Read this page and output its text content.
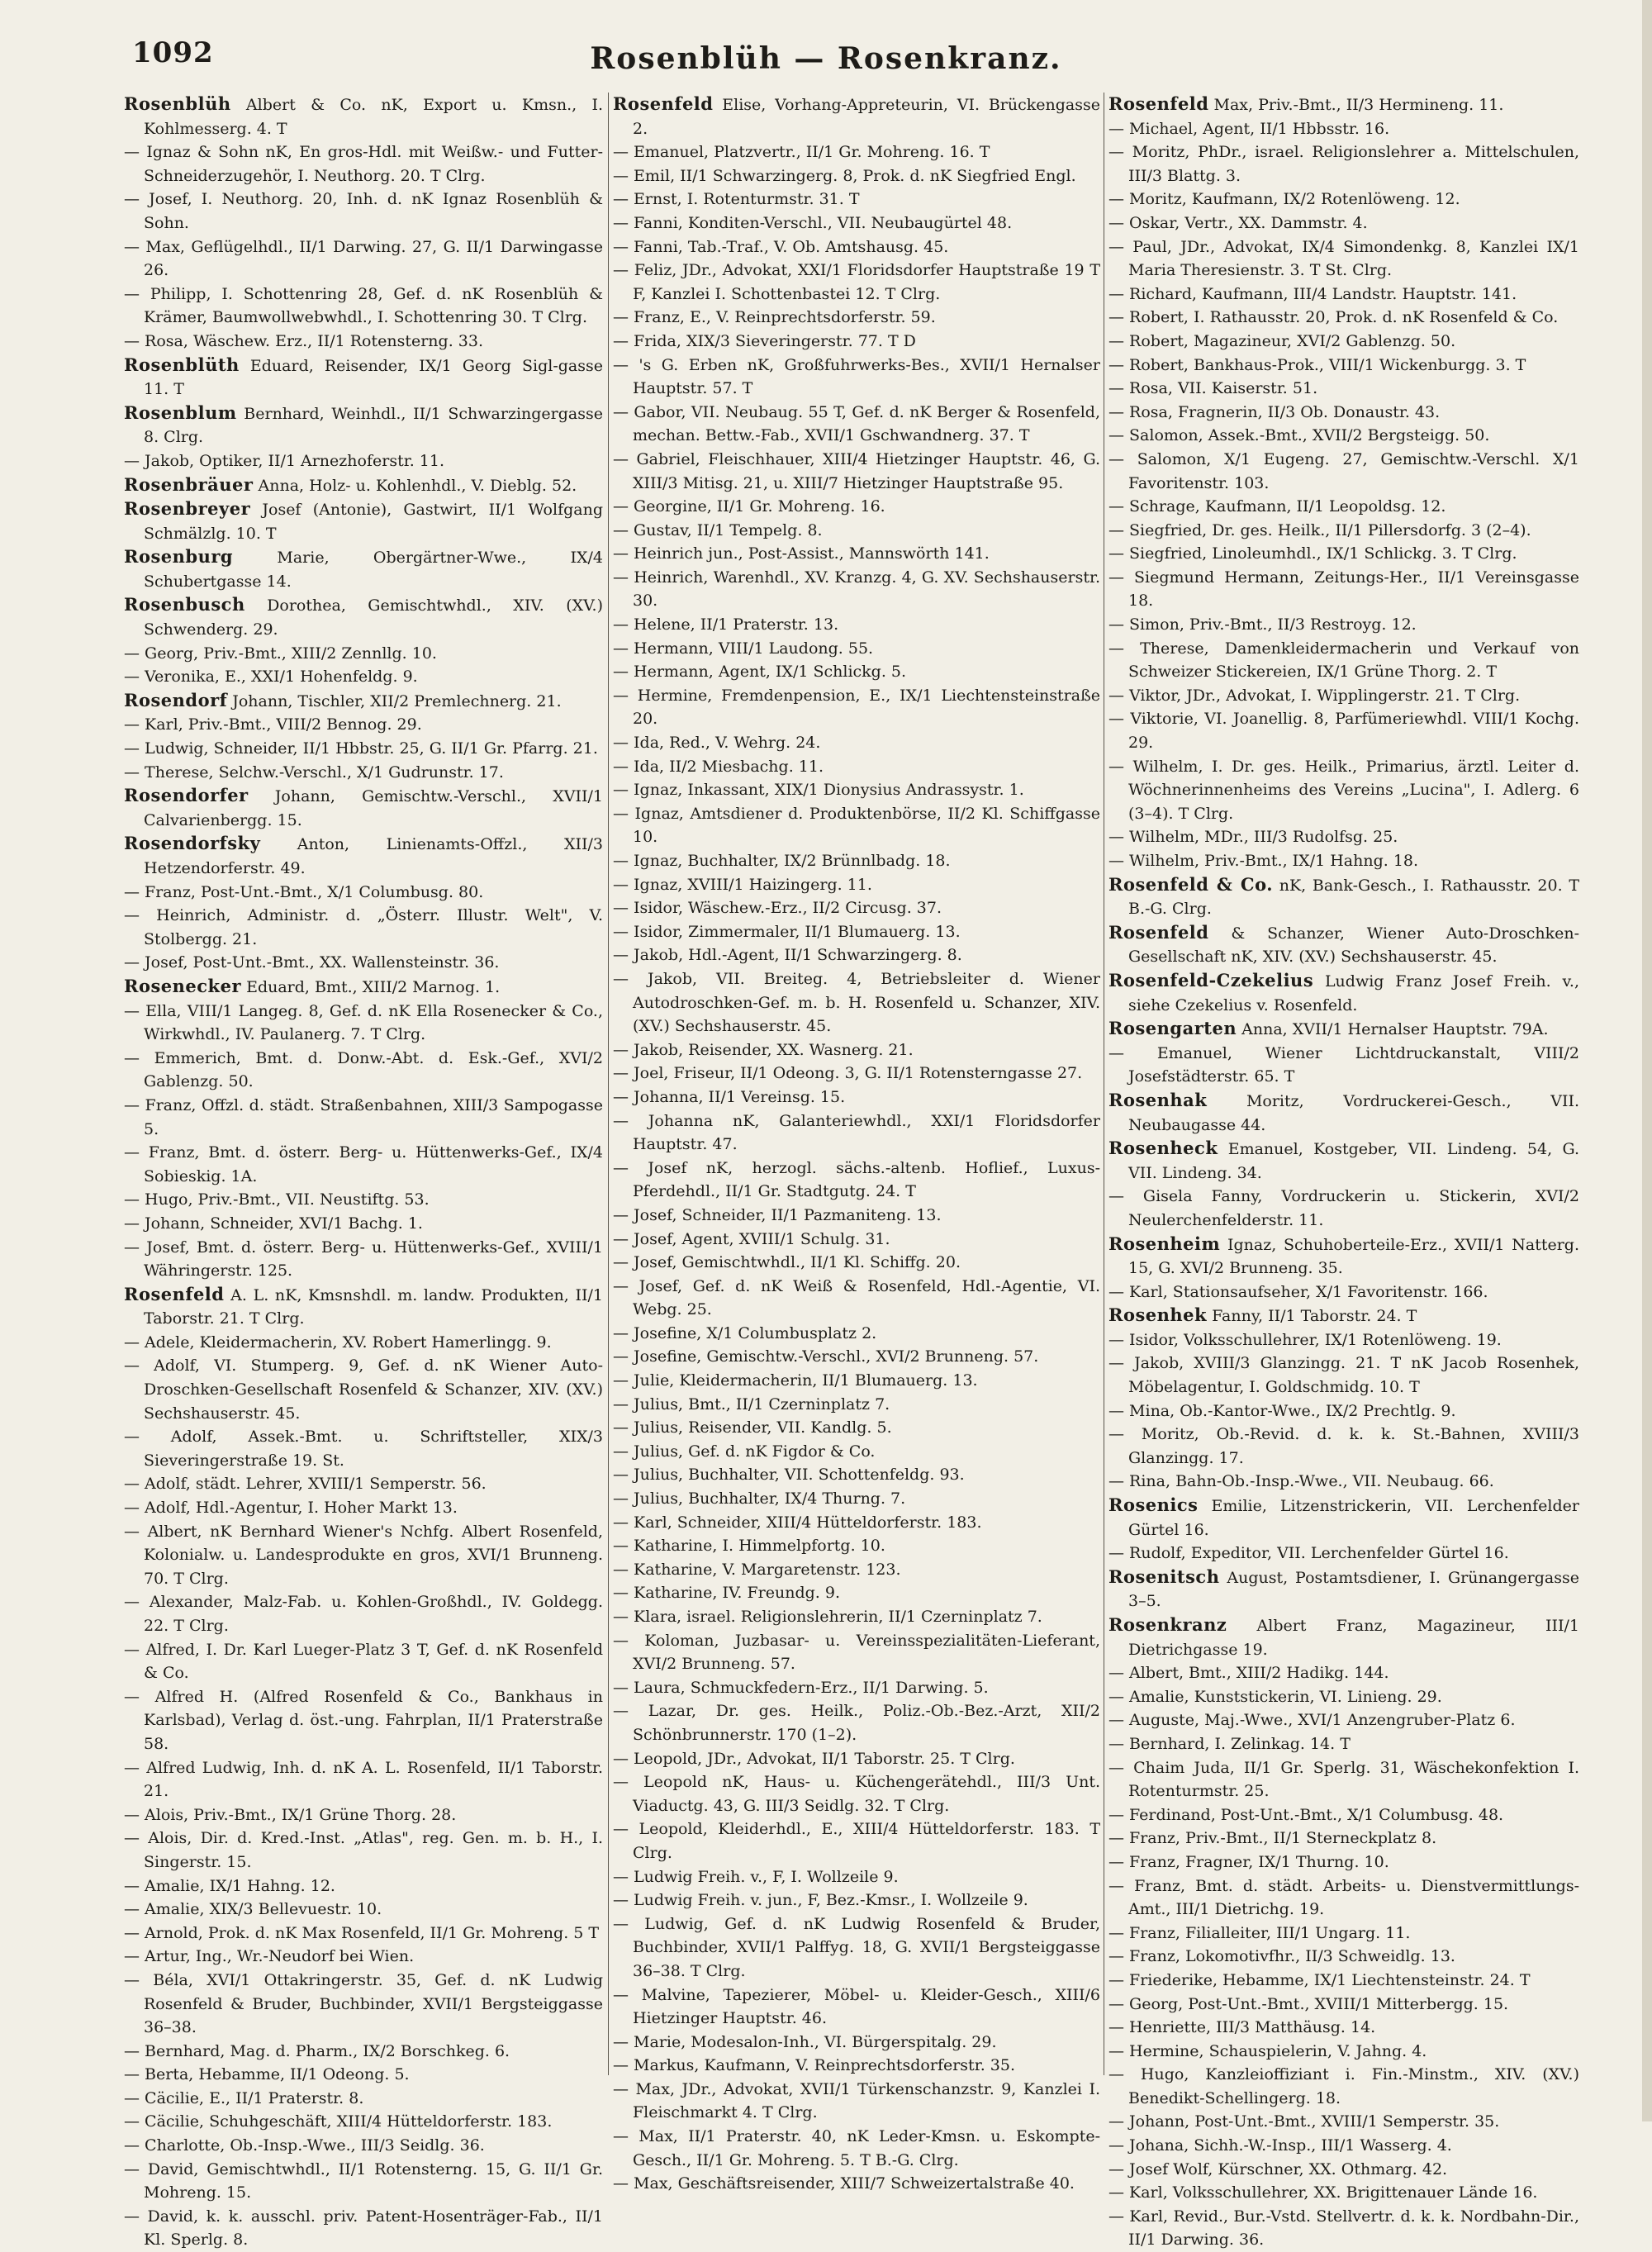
1092	Rosenblüh — Rosenkranz.

Rosenblüh Albert & Co. nK, Export u. Kmsn., I. Kohlmesserg. 4. T

— Ignaz & Sohn nK, En gros-Hdl. mit Weißw.- und Futter-Schneiderzugehör, I. Neuthorg. 20. T Clrg.

— Josef, I. Neuthorg. 20, Inh. d. nK Ignaz Rosenblüh & Sohn.

— Max, Geflügelhdl., II/1 Darwing. 27, G. II/1 Darwingasse 26.

— Philipp, I. Schottenring 28, Gef. d. nK Rosenblüh & Krämer, Baumwollwebwhdl., I. Schottenring 30. T Clrg.

— Rosa, Wäschew. Erz., II/1 Rotensterng. 33.

Rosenblüth Eduard, Reisender, IX/1 Georg Sigl-gasse 11. T

Rosenblum Bernhard, Weinhdl., II/1 Schwarzingergasse 8. Clrg.

— Jakob, Optiker, II/1 Arnezhoferstr. 11.

Rosenbräuer Anna, Holz- u. Kohlenhdl., V. Dieblg. 52.

Rosenbreyer Josef (Antonie), Gastwirt, II/1 Wolfgang Schmälzlg. 10. T

Rosenburg Marie, Obergärtner-Wwe., IX/4 Schubertgasse 14.

Rosenbusch Dorothea, Gemischtwhdl., XIV. (XV.) Schwenderg. 29.

— Georg, Priv.-Bmt., XIII/2 Zennllg. 10.

— Veronika, E., XXI/1 Hohenfeldg. 9.

Rosendorf Johann, Tischler, XII/2 Premlechnerg. 21.

— Karl, Priv.-Bmt., VIII/2 Bennog. 29.

— Ludwig, Schneider, II/1 Hbbstr. 25, G. II/1 Gr. Pfarrg. 21.

— Therese, Selchw.-Verschl., X/1 Gudrunstr. 17.

Rosendorfer Johann, Gemischtw.-Verschl., XVII/1 Calvarienbergg. 15.

Rosendorfsky Anton, Linienamts-Offzl., XII/3 Hetzendorferstr. 49.

— Franz, Post-Unt.-Bmt., X/1 Columbusg. 80.

— Heinrich, Administr. d. „Österr. Illustr. Welt", V. Stolbergg. 21.

— Josef, Post-Unt.-Bmt., XX. Wallensteinstr. 36.

Rosenecker Eduard, Bmt., XIII/2 Marnog. 1.

— Ella, VIII/1 Langeg. 8, Gef. d. nK Ella Rosenecker & Co., Wirkwhdl., IV. Paulanerg. 7. T Clrg.

— Emmerich, Bmt. d. Donw.-Abt. d. Esk.-Gef., XVI/2 Gablenzg. 50.

— Franz, Offzl. d. städt. Straßenbahnen, XIII/3 Sampogasse 5.

— Franz, Bmt. d. österr. Berg- u. Hüttenwerks-Gef., IX/4 Sobieskig. 1A.

— Hugo, Priv.-Bmt., VII. Neustiftg. 53.

— Johann, Schneider, XVI/1 Bachg. 1.

— Josef, Bmt. d. österr. Berg- u. Hüttenwerks-Gef., XVIII/1 Währingerstr. 125.

Rosenfeld A. L. nK, Kmsnshdl. m. landw. Produkten, II/1 Taborstr. 21. T Clrg.

— Adele, Kleidermacherin, XV. Robert Hamerlingg. 9.

— Adolf, VI. Stumperg. 9, Gef. d. nK Wiener Auto-Droschken-Gesellschaft Rosenfeld & Schanzer, XIV. (XV.) Sechshauserstr. 45.

— Adolf, Assek.-Bmt. u. Schriftsteller, XIX/3 Sieveringerstraße 19. St.

— Adolf, städt. Lehrer, XVIII/1 Semperstr. 56.

— Adolf, Hdl.-Agentur, I. Hoher Markt 13.

— Albert, nK Bernhard Wiener's Nchfg. Albert Rosenfeld, Kolonialw. u. Landesprodukte en gros, XVI/1 Brunneng. 70. T Clrg.

— Alexander, Malz-Fab. u. Kohlen-Großhdl., IV. Goldegg. 22. T Clrg.

— Alfred, I. Dr. Karl Lueger-Platz 3 T, Gef. d. nK Rosenfeld & Co.

— Alfred H. (Alfred Rosenfeld & Co., Bankhaus in Karlsbad), Verlag d. öst.-ung. Fahrplan, II/1 Praterstraße 58.

— Alfred Ludwig, Inh. d. nK A. L. Rosenfeld, II/1 Taborstr. 21.

— Alois, Priv.-Bmt., IX/1 Grüne Thorg. 28.

— Alois, Dir. d. Kred.-Inst. „Atlas", reg. Gen. m. b. H., I. Singerstr. 15.

— Amalie, IX/1 Hahng. 12.

— Amalie, XIX/3 Bellevuestr. 10.

— Arnold, Prok. d. nK Max Rosenfeld, II/1 Gr. Mohreng. 5 T

— Artur, Ing., Wr.-Neudorf bei Wien.

— Béla, XVI/1 Ottakringerstr. 35, Gef. d. nK Ludwig Rosenfeld & Bruder, Buchbinder, XVII/1 Bergsteiggasse 36–38.

— Bernhard, Mag. d. Pharm., IX/2 Borschkeg. 6.

— Berta, Hebamme, II/1 Odeong. 5.

— Cäcilie, E., II/1 Praterstr. 8.

— Cäcilie, Schuhgeschäft, XIII/4 Hütteldorferstr. 183.

— Charlotte, Ob.-Insp.-Wwe., III/3 Seidlg. 36.

— David, Gemischtwhdl., II/1 Rotensterng. 15, G. II/1 Gr. Mohreng. 15.

— David, k. k. ausschl. priv. Patent-Hosenträger-Fab., II/1 Kl. Sperlg. 8.

Rosenfeld Elise, Vorhang-Appreteurin, VI. Brückengasse 2.

— Emanuel, Platzvertr., II/1 Gr. Mohreng. 16. T

— Emil, II/1 Schwarzingerg. 8, Prok. d. nK Siegfried Engl.

— Ernst, I. Rotenturmstr. 31. T

— Fanni, Konditen-Verschl., VII. Neubaugürtel 48.

— Fanni, Tab.-Traf., V. Ob. Amtshausg. 45.

— Feliz, JDr., Advokat, XXI/1 Floridsdorfer Hauptstraße 19 T F, Kanzlei I. Schottenbastei 12. T Clrg.

— Franz, E., V. Reinprechtsdorferstr. 59.

— Frida, XIX/3 Sieveringerstr. 77. T D

— 's G. Erben nK, Großfuhrwerks-Bes., XVII/1 Hernalser Hauptstr. 57. T

— Gabor, VII. Neubaug. 55 T, Gef. d. nK Berger & Rosenfeld, mechan. Bettw.-Fab., XVII/1 Gschwandnerg. 37. T

— Gabriel, Fleischhauer, XIII/4 Hietzinger Hauptstr. 46, G. XIII/3 Mitisg. 21, u. XIII/7 Hietzinger Hauptstraße 95.

— Georgine, II/1 Gr. Mohreng. 16.

— Gustav, II/1 Tempelg. 8.

— Heinrich jun., Post-Assist., Mannswörth 141.

— Heinrich, Warenhdl., XV. Kranzg. 4, G. XV. Sechshauserstr. 30.

— Helene, II/1 Praterstr. 13.

— Hermann, VIII/1 Laudong. 55.

— Hermann, Agent, IX/1 Schlickg. 5.

— Hermine, Fremdenpension, E., IX/1 Liechtensteinstraße 20.

— Ida, Red., V. Wehrg. 24.

— Ida, II/2 Miesbachg. 11.

— Ignaz, Inkassant, XIX/1 Dionysius Andrassystr. 1.

— Ignaz, Amtsdiener d. Produktenbörse, II/2 Kl. Schiffgasse 10.

— Ignaz, Buchhalter, IX/2 Brünnlbadg. 18.

— Ignaz, XVIII/1 Haizingerg. 11.

— Isidor, Wäschew.-Erz., II/2 Circusg. 37.

— Isidor, Zimmermaler, II/1 Blumauerg. 13.

— Jakob, Hdl.-Agent, II/1 Schwarzingerg. 8.

— Jakob, VII. Breiteg. 4, Betriebsleiter d. Wiener Autodroschken-Gef. m. b. H. Rosenfeld u. Schanzer, XIV. (XV.) Sechshauserstr. 45.

— Jakob, Reisender, XX. Wasnerg. 21.

— Joel, Friseur, II/1 Odeong. 3, G. II/1 Rotensterngasse 27.

— Johanna, II/1 Vereinsg. 15.

— Johanna nK, Galanteriewhdl., XXI/1 Floridsdorfer Hauptstr. 47.

— Josef nK, herzogl. sächs.-altenb. Hoflief., Luxus-Pferdehdl., II/1 Gr. Stadtgutg. 24. T

— Josef, Schneider, II/1 Pazmaniteng. 13.

— Josef, Agent, XVIII/1 Schulg. 31.

— Josef, Gemischtwhdl., II/1 Kl. Schiffg. 20.

— Josef, Gef. d. nK Weiß & Rosenfeld, Hdl.-Agentie, VI. Webg. 25.

— Josefine, X/1 Columbusplatz 2.

— Josefine, Gemischtw.-Verschl., XVI/2 Brunneng. 57.

— Julie, Kleidermacherin, II/1 Blumauerg. 13.

— Julius, Bmt., II/1 Czerninplatz 7.

— Julius, Reisender, VII. Kandlg. 5.

— Julius, Gef. d. nK Figdor & Co.

— Julius, Buchhalter, VII. Schottenfeldg. 93.

— Julius, Buchhalter, IX/4 Thurng. 7.

— Karl, Schneider, XIII/4 Hütteldorferstr. 183.

— Katharine, I. Himmelpfortg. 10.

— Katharine, V. Margaretenstr. 123.

— Katharine, IV. Freundg. 9.

— Klara, israel. Religionslehrerin, II/1 Czerninplatz 7.

— Koloman, Juzbasar- u. Vereinsspezialitäten-Lieferant, XVI/2 Brunneng. 57.

— Laura, Schmuckfedern-Erz., II/1 Darwing. 5.

— Lazar, Dr. ges. Heilk., Poliz.-Ob.-Bez.-Arzt, XII/2 Schönbrunnerstr. 170 (1–2).

— Leopold, JDr., Advokat, II/1 Taborstr. 25. T Clrg.

— Leopold nK, Haus- u. Küchengerätehdl., III/3 Unt. Viaductg. 43, G. III/3 Seidlg. 32. T Clrg.

— Leopold, Kleiderhdl., E., XIII/4 Hütteldorferstr. 183. T Clrg.

— Ludwig Freih. v., F, I. Wollzeile 9.

— Ludwig Freih. v. jun., F, Bez.-Kmsr., I. Wollzeile 9.

— Ludwig, Gef. d. nK Ludwig Rosenfeld & Bruder, Buchbinder, XVII/1 Palffyg. 18, G. XVII/1 Bergsteiggasse 36–38. T Clrg.

— Malvine, Tapezierer, Möbel- u. Kleider-Gesch., XIII/6 Hietzinger Hauptstr. 46.

— Marie, Modesalon-Inh., VI. Bürgerspitalg. 29.

— Markus, Kaufmann, V. Reinprechtsdorferstr. 35.

— Max, JDr., Advokat, XVII/1 Türkenschanzstr. 9, Kanzlei I. Fleischmarkt 4. T Clrg.

— Max, II/1 Praterstr. 40, nK Leder-Kmsn. u. Eskompte-Gesch., II/1 Gr. Mohreng. 5. T B.-G. Clrg.

— Max, Geschäftsreisender, XIII/7 Schweizertalstraße 40.

Rosenfeld Max, Priv.-Bmt., II/3 Hermineng. 11.

— Michael, Agent, II/1 Hbbsstr. 16.

— Moritz, PhDr., israel. Religionslehrer a. Mittelschulen, III/3 Blattg. 3.

— Moritz, Kaufmann, IX/2 Rotenlöweng. 12.

— Oskar, Vertr., XX. Dammstr. 4.

— Paul, JDr., Advokat, IX/4 Simondenkg. 8, Kanzlei IX/1 Maria Theresienstr. 3. T St. Clrg.

— Richard, Kaufmann, III/4 Landstr. Hauptstr. 141.

— Robert, I. Rathausstr. 20, Prok. d. nK Rosenfeld & Co.

— Robert, Magazineur, XVI/2 Gablenzg. 50.

— Robert, Bankhaus-Prok., VIII/1 Wickenburgg. 3. T

— Rosa, VII. Kaiserstr. 51.

— Rosa, Fragnerin, II/3 Ob. Donaustr. 43.

— Salomon, Assek.-Bmt., XVII/2 Bergsteigg. 50.

— Salomon, X/1 Eugeng. 27, Gemischtw.-Verschl. X/1 Favoritenstr. 103.

— Schrage, Kaufmann, II/1 Leopoldsg. 12.

— Siegfried, Dr. ges. Heilk., II/1 Pillersdorfg. 3 (2–4).

— Siegfried, Linoleumhdl., IX/1 Schlickg. 3. T Clrg.

— Siegmund Hermann, Zeitungs-Her., II/1 Vereinsgasse 18.

— Simon, Priv.-Bmt., II/3 Restroyg. 12.

— Therese, Damenkleidermacherin und Verkauf von Schweizer Stickereien, IX/1 Grüne Thorg. 2. T

— Viktor, JDr., Advokat, I. Wipplingerstr. 21. T Clrg.

— Viktorie, VI. Joanellig. 8, Parfümeriewhdl. VIII/1 Kochg. 29.

— Wilhelm, I. Dr. ges. Heilk., Primarius, ärztl. Leiter d. Wöchnerinnenheims des Vereins „Lucina", I. Adlerg. 6 (3–4). T Clrg.

— Wilhelm, MDr., III/3 Rudolfsg. 25.

— Wilhelm, Priv.-Bmt., IX/1 Hahng. 18.

Rosenfeld & Co. nK, Bank-Gesch., I. Rathausstr. 20. T B.-G. Clrg.

Rosenfeld & Schanzer, Wiener Auto-Droschken-Gesellschaft nK, XIV. (XV.) Sechshauserstr. 45.

Rosenfeld-Czekelius Ludwig Franz Josef Freih. v., siehe Czekelius v. Rosenfeld.

Rosengarten Anna, XVII/1 Hernalser Hauptstr. 79A.

— Emanuel, Wiener Lichtdruckanstalt, VIII/2 Josefstädterstr. 65. T

Rosenhak Moritz, Vordruckerei-Gesch., VII. Neubaugasse 44.

Rosenheck Emanuel, Kostgeber, VII. Lindeng. 54, G. VII. Lindeng. 34.

— Gisela Fanny, Vordruckerin u. Stickerin, XVI/2 Neulerchenfelderstr. 11.

Rosenheim Ignaz, Schuhoberteile-Erz., XVII/1 Natterg. 15, G. XVI/2 Brunneng. 35.

— Karl, Stationsaufseher, X/1 Favoritenstr. 166.

Rosenhek Fanny, II/1 Taborstr. 24. T

— Isidor, Volksschullehrer, IX/1 Rotenlöweng. 19.

— Jakob, XVIII/3 Glanzingg. 21. T nK Jacob Rosenhek, Möbelagentur, I. Goldschmidg. 10. T

— Mina, Ob.-Kantor-Wwe., IX/2 Prechtlg. 9.

— Moritz, Ob.-Revid. d. k. k. St.-Bahnen, XVIII/3 Glanzingg. 17.

— Rina, Bahn-Ob.-Insp.-Wwe., VII. Neubaug. 66.

Rosenics Emilie, Litzenstrickerin, VII. Lerchenfelder Gürtel 16.

— Rudolf, Expeditor, VII. Lerchenfelder Gürtel 16.

Rosenitsch August, Postamtsdiener, I. Grünangergasse 3–5.

Rosenkranz Albert Franz, Magazineur, III/1 Dietrichgasse 19.

— Albert, Bmt., XIII/2 Hadikg. 144.

— Amalie, Kunststickerin, VI. Linieng. 29.

— Auguste, Maj.-Wwe., XVI/1 Anzengruber-Platz 6.

— Bernhard, I. Zelinkag. 14. T

— Chaim Juda, II/1 Gr. Sperlg. 31, Wäschekonfektion I. Rotenturmstr. 25.

— Ferdinand, Post-Unt.-Bmt., X/1 Columbusg. 48.

— Franz, Priv.-Bmt., II/1 Sterneckplatz 8.

— Franz, Fragner, IX/1 Thurng. 10.

— Franz, Bmt. d. städt. Arbeits- u. Dienstvermittlungs-Amt., III/1 Dietrichg. 19.

— Franz, Filialleiter, III/1 Ungarg. 11.

— Franz, Lokomotivfhr., II/3 Schweidlg. 13.

— Friederike, Hebamme, IX/1 Liechtensteinstr. 24. T

— Georg, Post-Unt.-Bmt., XVIII/1 Mitterbergg. 15.

— Henriette, III/3 Matthäusg. 14.

— Hermine, Schauspielerin, V. Jahng. 4.

— Hugo, Kanzleioffiziant i. Fin.-Minstm., XIV. (XV.) Benedikt-Schellingerg. 18.

— Johann, Post-Unt.-Bmt., XVIII/1 Semperstr. 35.

— Johana, Sichh.-W.-Insp., III/1 Wasserg. 4.

— Josef Wolf, Kürschner, XX. Othmarg. 42.

— Karl, Volksschullehrer, XX. Brigittenauer Lände 16.

— Karl, Revid., Bur.-Vstd. Stellvertr. d. k. k. Nordbahn-Dir., II/1 Darwing. 36.
